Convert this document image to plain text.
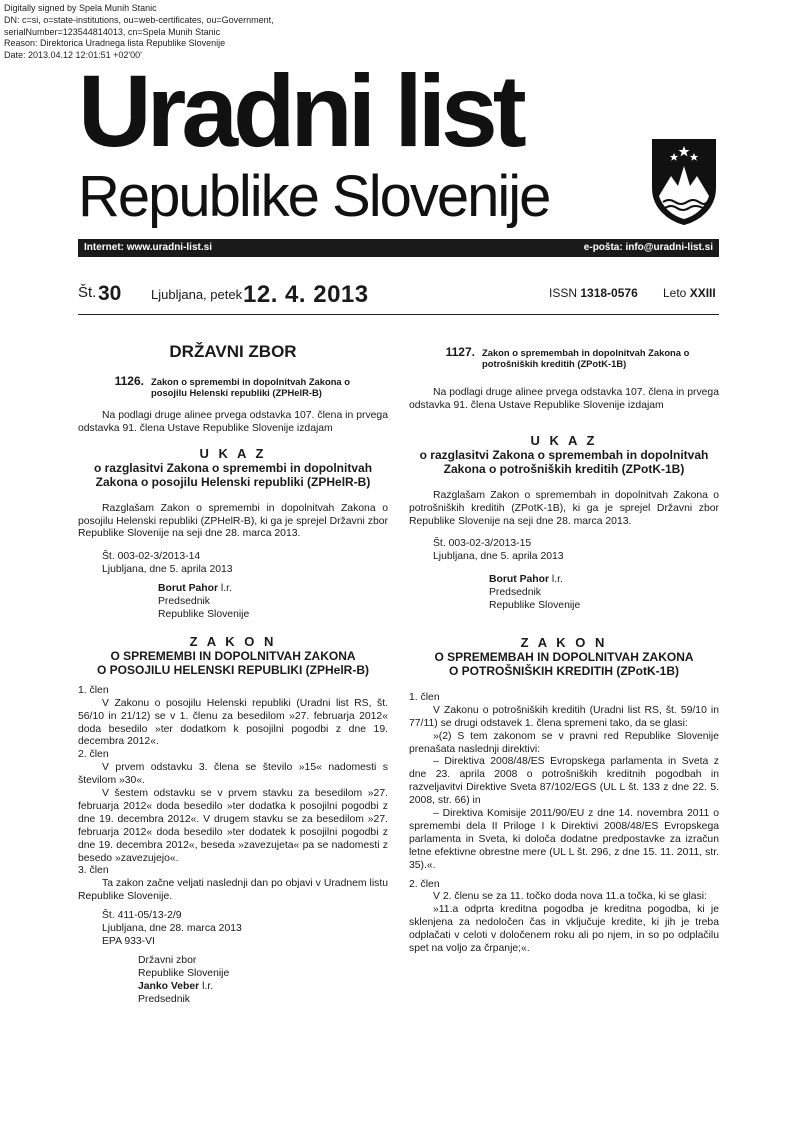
Digitally signed by Spela Munih Stanic
DN: c=si, o=state-institutions, ou=web-certificates, ou=Government,
serialNumber=1235448140​13, cn=Spela Munih Stanic
Reason: Direktorica Uradnega lista Republike Slovenije
Date: 2013.04.12 12:01:51 +02'00'
Uradni list
Republike Slovenije
Internet: www.uradni-list.si	e-pošta: info@uradni-list.si
Št. 30 Ljubljana, petek 12. 4. 2013	ISSN 1318-0576 Leto XXIII
DRŽAVNI ZBOR
1126. Zakon o spremembi in dopolnitvah Zakona o posojilu Helenski republiki (ZPHelR-B)

Na podlagi druge alinee prvega odstavka 107. člena in prvega odstavka 91. člena Ustave Republike Slovenije izdajam

U K A Z
o razglasitvi Zakona o spremembi in dopolnitvah Zakona o posojilu Helenski republiki (ZPHelR-B)

Razglašam Zakon o spremembi in dopolnitvah Zakona o posojilu Helenski republiki (ZPHelR-B), ki ga je sprejel Državni zbor Republike Slovenije na seji dne 28. marca 2013.

Št. 003-02-3/2013-14

Ljubljana, dne 5. aprila 2013

Borut Pahor l.r.

Predsednik

Republike Slovenije

Z A K O N
O SPREMEMBI IN DOPOLNITVAH ZAKONA
O POSOJILU HELENSKI REPUBLIKI (ZPHelR-B)

1. člen

V Zakonu o posojilu Helenski republiki (Uradni list RS, št. 56/10 in 21/12) se v 1. členu za besedilom »27. februarja 2012« doda besedilo »ter dodatkom k posojilni pogodbi z dne 19. decembra 2012«.

2. člen

V prvem odstavku 3. člena se število »15« nadomesti s številom »30«.

V šestem odstavku se v prvem stavku za besedilom »27. februarja 2012« doda besedilo »ter dodatka k posojilni pogodbi z dne 19. decembra 2012«. V drugem stavku se za besedilom »27. februarja 2012« doda besedilo »ter dodatek k posojilni pogodbi z dne 19. decembra 2012«, beseda »zavezujeta« pa se nadomesti z besedo »zavezujejo«.

3. člen

Ta zakon začne veljati naslednji dan po objavi v Uradnem listu Republike Slovenije.

Št. 411-05/13-2/9

Ljubljana, dne 28. marca 2013

EPA 933-VI

Državni zbor

Republike Slovenije

Janko Veber l.r.

Predsednik

1127. Zakon o spremembah in dopolnitvah Zakona o potrošniških kreditih (ZPotK-1B)

Na podlagi druge alinee prvega odstavka 107. člena in prvega odstavka 91. člena Ustave Republike Slovenije izdajam

U K A Z
o razglasitvi Zakona o spremembah in dopolnitvah Zakona o potrošniških kreditih (ZPotK-1B)

Razglašam Zakon o spremembah in dopolnitvah Zakona o potrošniških kreditih (ZPotK-1B), ki ga je sprejel Državni zbor Republike Slovenije na seji dne 28. marca 2013.

Št. 003-02-3/2013-15

Ljubljana, dne 5. aprila 2013

Borut Pahor l.r.

Predsednik

Republike Slovenije

Z A K O N
O SPREMEMBAH IN DOPOLNITVAH ZAKONA
O POTROŠNIŠKIH KREDITIH (ZPotK-1B)

1. člen

V Zakonu o potrošniških kreditih (Uradni list RS, št. 59/10 in 77/11) se drugi odstavek 1. člena spremeni tako, da se glasi:

»(2) S tem zakonom se v pravni red Republike Slovenije prenašata naslednji direktivi:

– Direktiva 2008/48/ES Evropskega parlamenta in Sveta z dne 23. aprila 2008 o potrošniških kreditnih pogodbah in razveljavitvi Direktive Sveta 87/102/EGS (UL L št. 133 z dne 22. 5. 2008, str. 66) in

– Direktiva Komisije 2011/90/EU z dne 14. novembra 2011 o spremembi dela II Priloge I k Direktivi 2008/48/ES Evropskega parlamenta in Sveta, ki določa dodatne predpostavke za izračun letne efektivne obrestne mere (UL L št. 296, z dne 15. 11. 2011, str. 35).«.

2. člen

V 2. členu se za 11. točko doda nova 11.a točka, ki se glasi:

»11.a odprta kreditna pogodba je kreditna pogodba, ki je sklenjena za nedoločen čas in vključuje kredite, ki jih je treba odplačati v celoti v določenem roku ali po njem, in so po odplačilu spet na voljo za črpanje;«.
